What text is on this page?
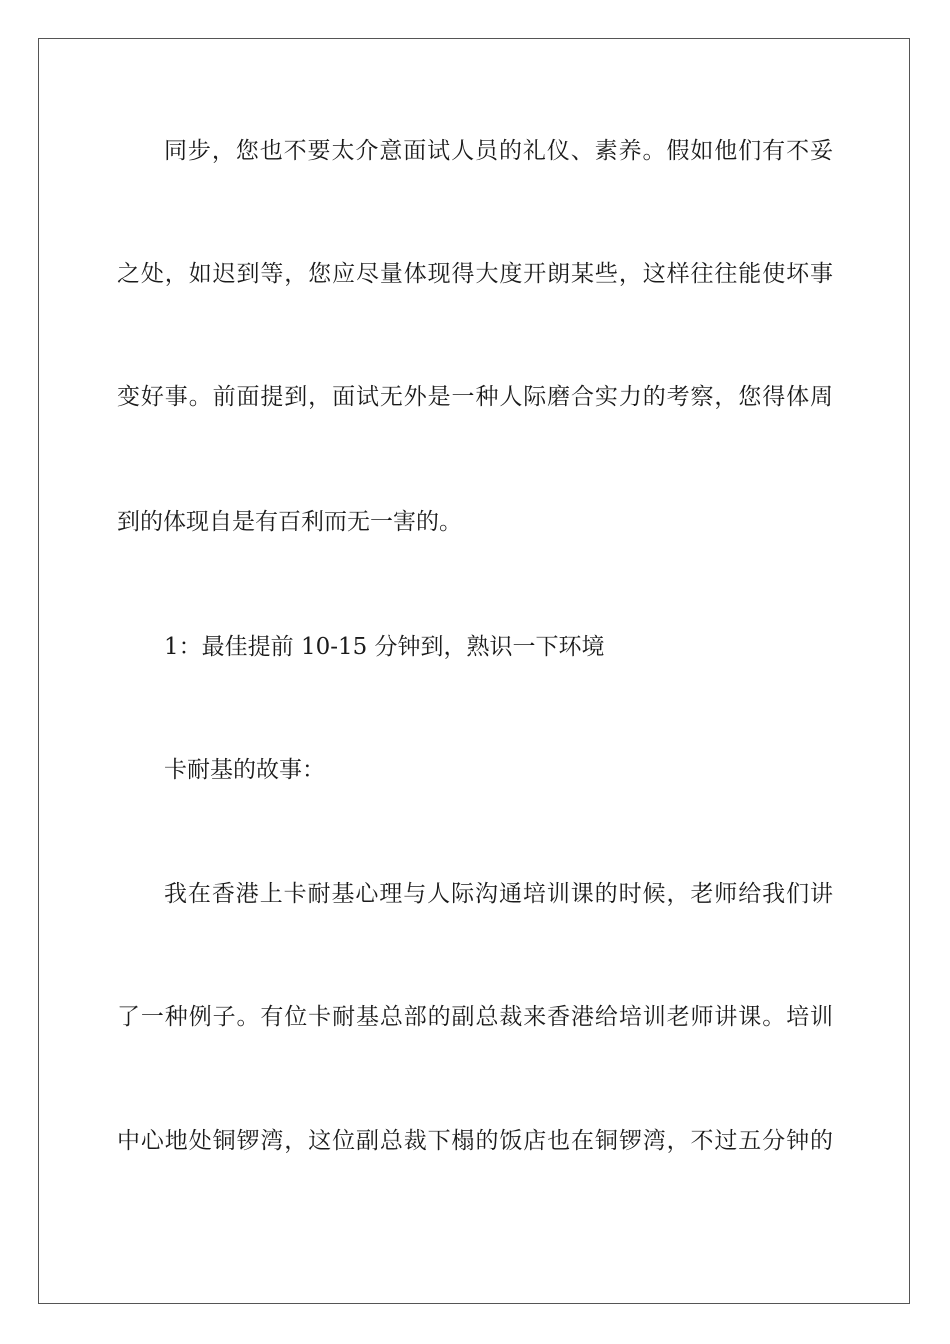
同步，您也不要太介意面试人员的礼仪、素养。假如他们有不妥
之处，如迟到等，您应尽量体现得大度开朗某些，这样往往能使坏事
变好事。前面提到，面试无外是一种人际磨合实力的考察，您得体周
到的体现自是有百利而无一害的。
1：最佳提前 10-15 分钟到，熟识一下环境
卡耐基的故事：
我在香港上卡耐基心理与人际沟通培训课的时候，老师给我们讲
了一种例子。有位卡耐基总部的副总裁来香港给培训老师讲课。培训
中心地处铜锣湾，这位副总裁下榻的饭店也在铜锣湾，不过五分钟的
